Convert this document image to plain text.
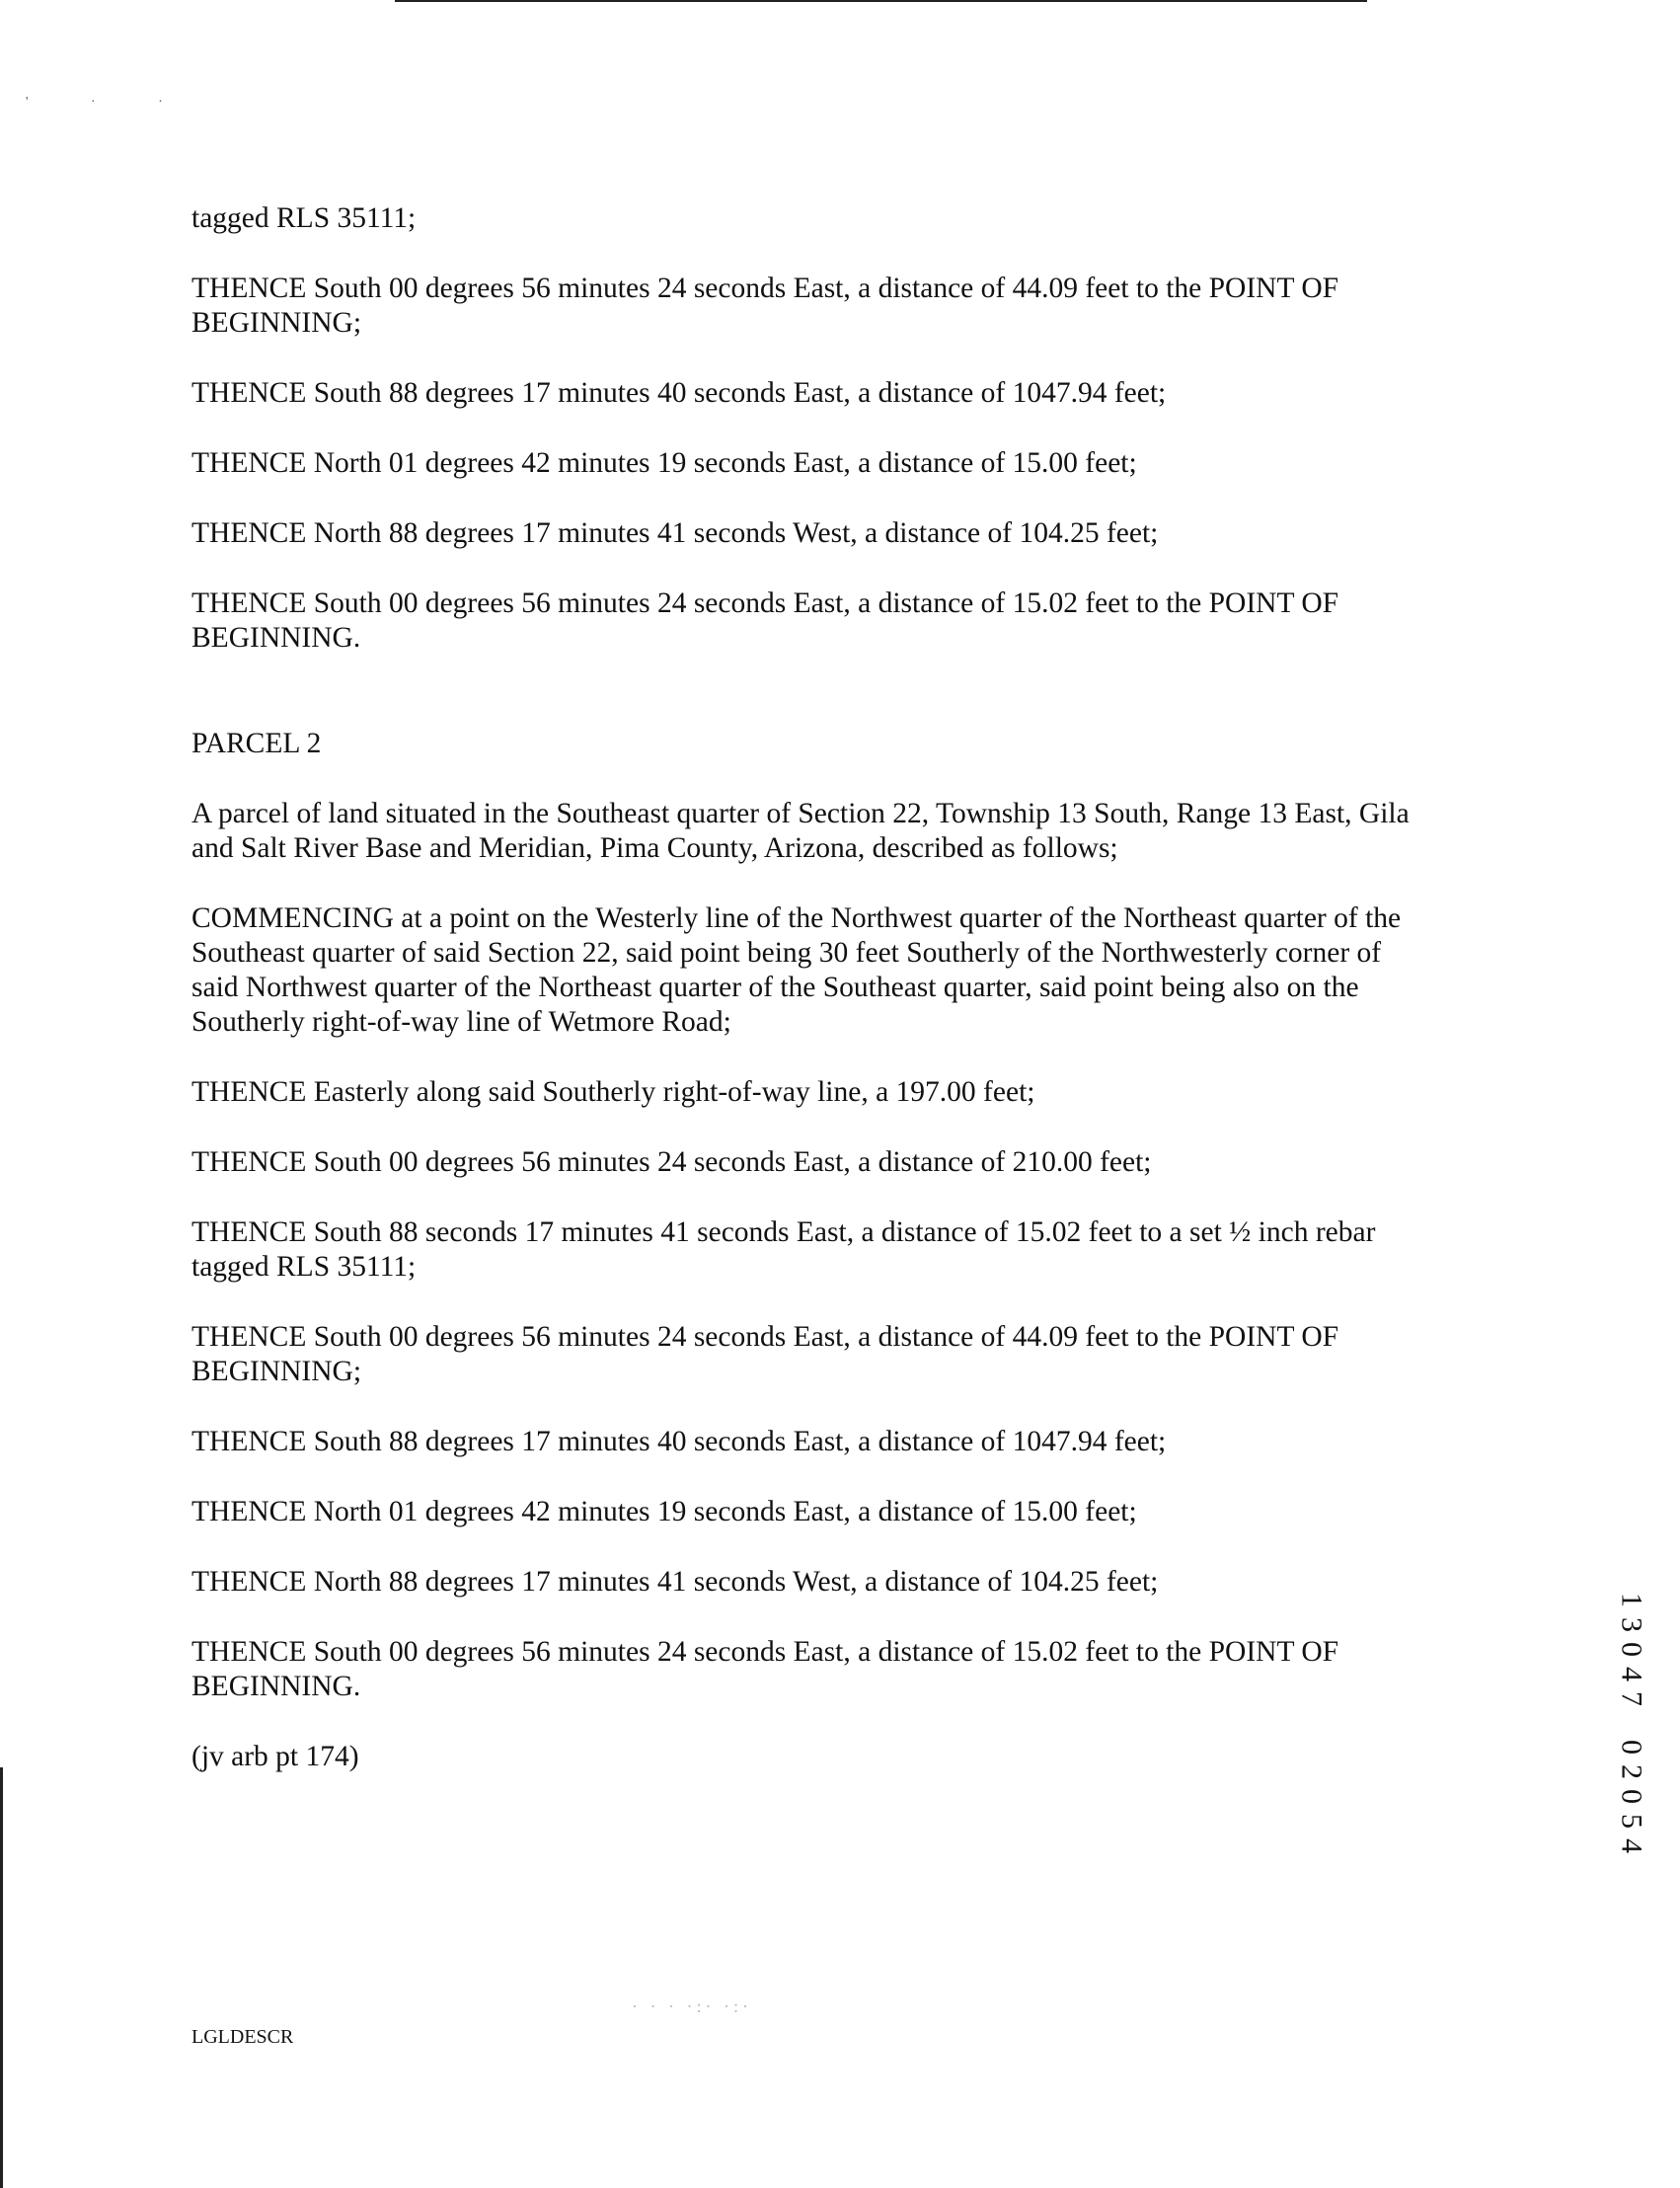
' · ·

tagged RLS 35111;

THENCE South 00 degrees 56 minutes 24 seconds East, a distance of 44.09 feet to the POINT OF
BEGINNING;

THENCE South 88 degrees 17 minutes 40 seconds East, a distance of 1047.94 feet;

THENCE North 01 degrees 42 minutes 19 seconds East, a distance of 15.00 feet;

THENCE North 88 degrees 17 minutes 41 seconds West, a distance of 104.25 feet;

THENCE South 00 degrees 56 minutes 24 seconds East, a distance of 15.02 feet to the POINT OF
BEGINNING.

PARCEL 2

A parcel of land situated in the Southeast quarter of Section 22, Township 13 South, Range 13 East, Gila
and Salt River Base and Meridian, Pima County, Arizona, described as follows;

COMMENCING at a point on the Westerly line of the Northwest quarter of the Northeast quarter of the
Southeast quarter of said Section 22, said point being 30 feet Southerly of the Northwesterly corner of
said Northwest quarter of the Northeast quarter of the Southeast quarter, said point being also on the
Southerly right-of-way line of Wetmore Road;

THENCE Easterly along said Southerly right-of-way line, a 197.00 feet;

THENCE South 00 degrees 56 minutes 24 seconds East, a distance of 210.00 feet;

THENCE South 88 seconds 17 minutes 41 seconds East, a distance of 15.02 feet to a set ½ inch rebar
tagged RLS 35111;

THENCE South 00 degrees 56 minutes 24 seconds East, a distance of 44.09 feet to the POINT OF
BEGINNING;

THENCE South 88 degrees 17 minutes 40 seconds East, a distance of 1047.94 feet;

THENCE North 01 degrees 42 minutes 19 seconds East, a distance of 15.00 feet;

THENCE North 88 degrees 17 minutes 41 seconds West, a distance of 104.25 feet;

THENCE South 00 degrees 56 minutes 24 seconds East, a distance of 15.02 feet to the POINT OF
BEGINNING.

(jv arb pt 174)

· · · ·:· ·:·
LGLDESCR
1
3
0
4
7
0
2
0
5
4
